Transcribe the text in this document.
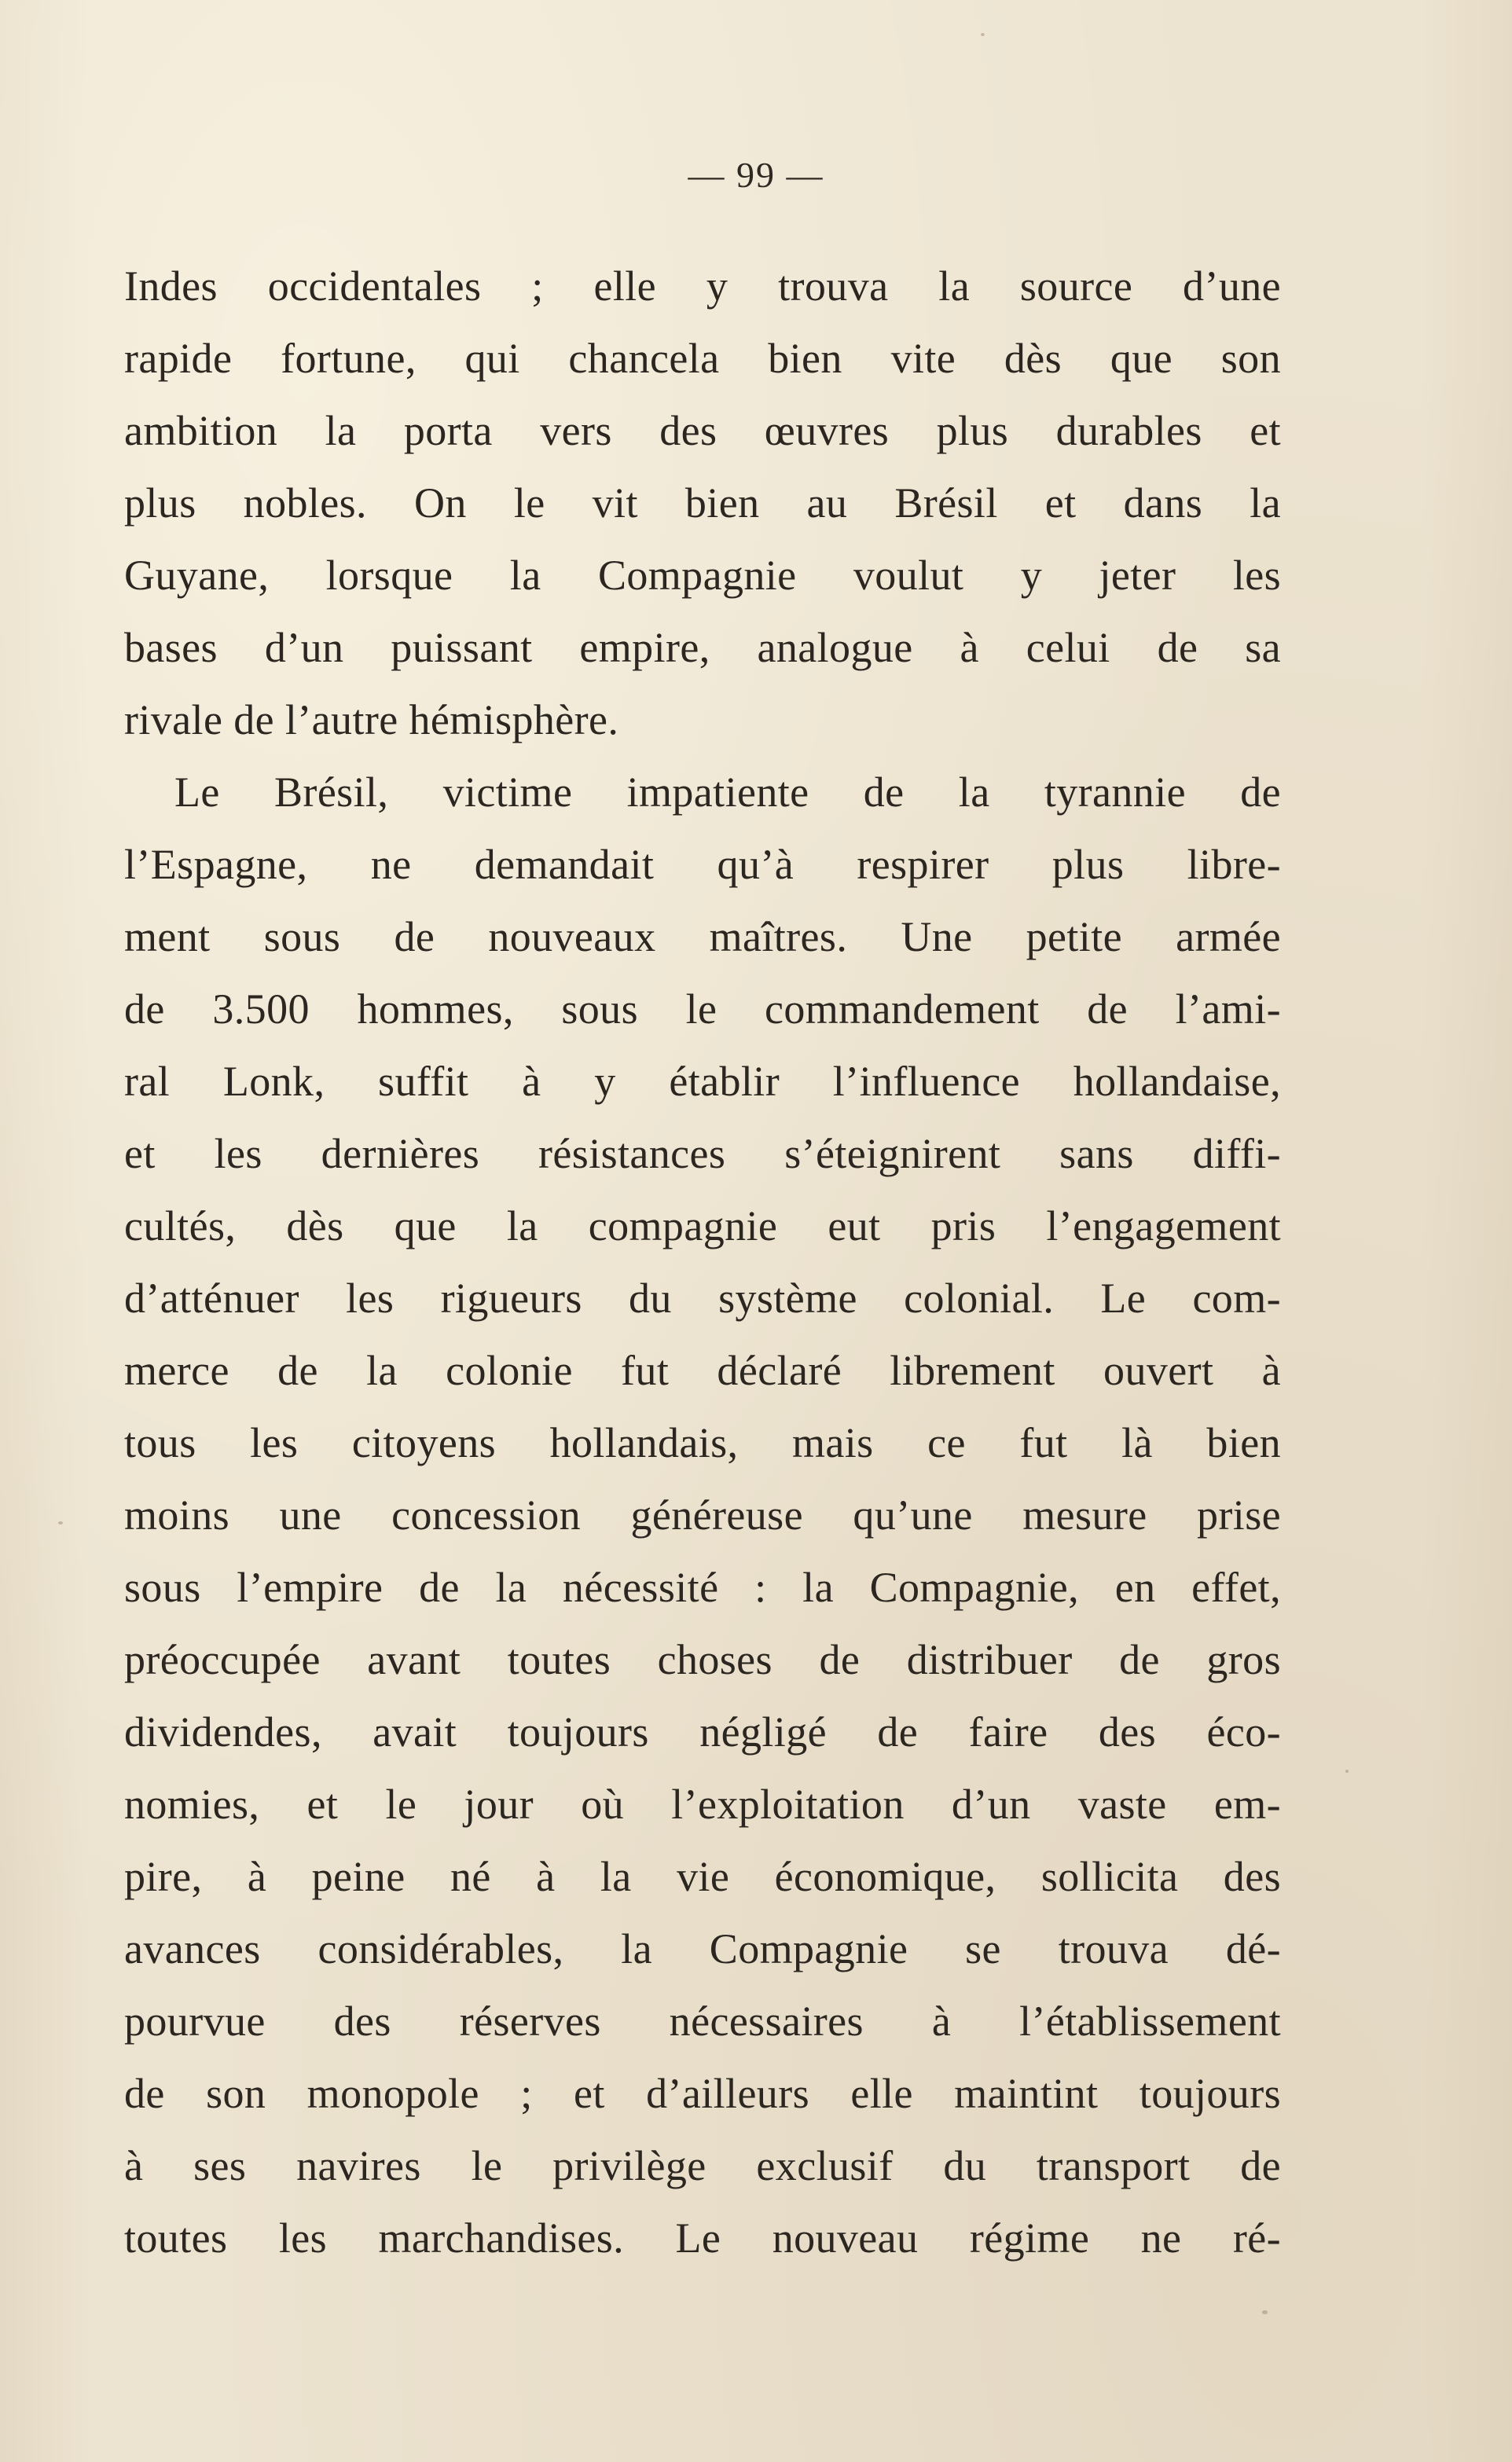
— 99 —
Indes occidentales ; elle y trouva la source d’une
rapide fortune, qui chancela bien vite dès que son
ambition la porta vers des œuvres plus durables et
plus nobles. On le vit bien au Brésil et dans la
Guyane, lorsque la Compagnie voulut y jeter les
bases d’un puissant empire, analogue à celui de sa
rivale de l’autre hémisphère.
Le Brésil, victime impatiente de la tyrannie de
l’Espagne, ne demandait qu’à respirer plus libre-
ment sous de nouveaux maîtres. Une petite armée
de 3.500 hommes, sous le commandement de l’ami-
ral Lonk, suffit à y établir l’influence hollandaise,
et les dernières résistances s’éteignirent sans diffi-
cultés, dès que la compagnie eut pris l’engagement
d’atténuer les rigueurs du système colonial. Le com-
merce de la colonie fut déclaré librement ouvert à
tous les citoyens hollandais, mais ce fut là bien
moins une concession généreuse qu’une mesure prise
sous l’empire de la nécessité : la Compagnie, en effet,
préoccupée avant toutes choses de distribuer de gros
dividendes, avait toujours négligé de faire des éco-
nomies, et le jour où l’exploitation d’un vaste em-
pire, à peine né à la vie économique, sollicita des
avances considérables, la Compagnie se trouva dé-
pourvue des réserves nécessaires à l’établissement
de son monopole ; et d’ailleurs elle maintint toujours
à ses navires le privilège exclusif du transport de
toutes les marchandises. Le nouveau régime ne ré-
